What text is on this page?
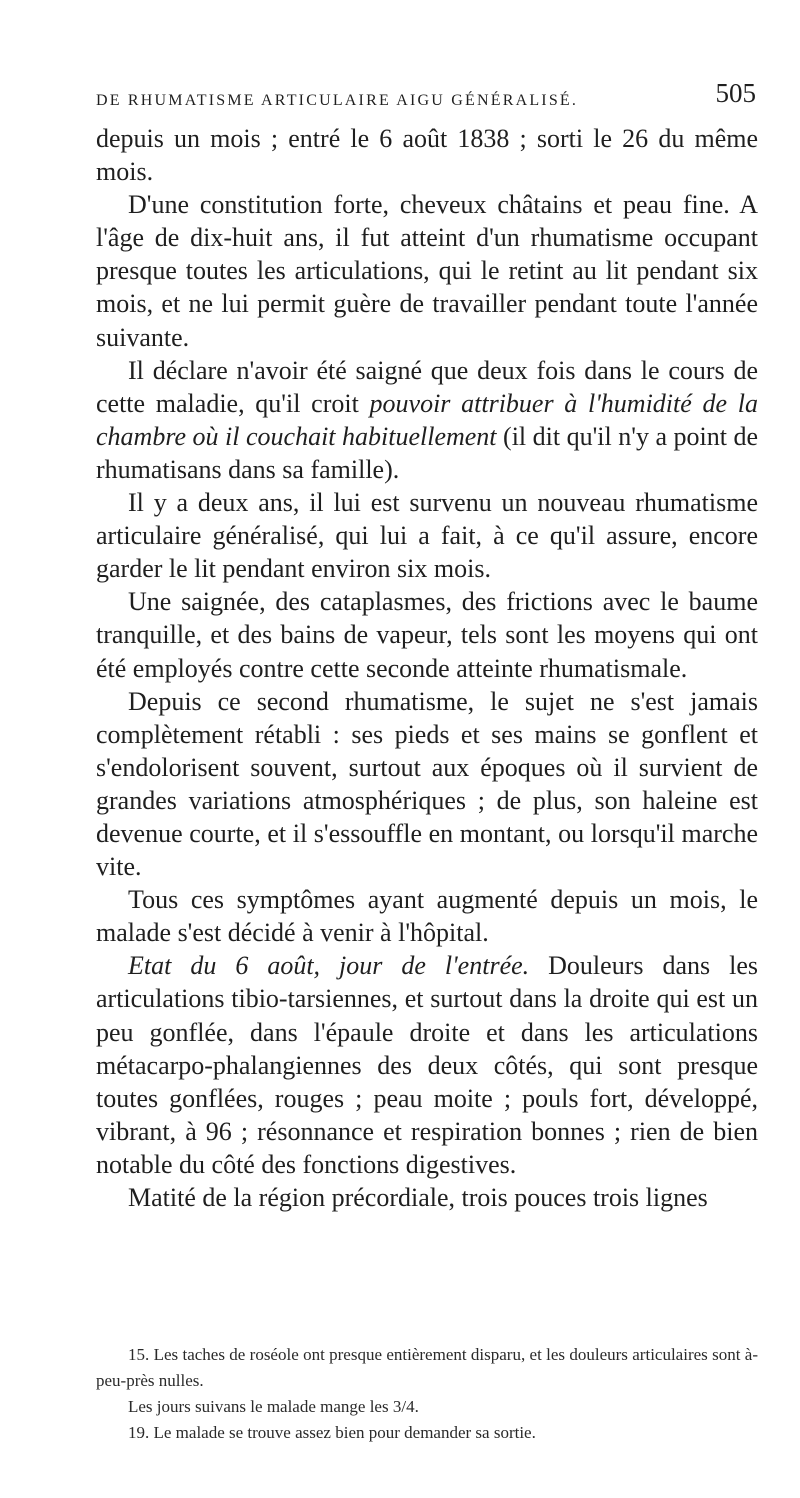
DE RHUMATISME ARTICULAIRE AIGU GÉNÉRALISÉ.	505

depuis un mois ; entré le 6 août 1838 ; sorti le 26 du même mois.

D'une constitution forte, cheveux châtains et peau fine. A l'âge de dix-huit ans, il fut atteint d'un rhumatisme occupant presque toutes les articulations, qui le retint au lit pendant six mois, et ne lui permit guère de travailler pendant toute l'année suivante.

Il déclare n'avoir été saigné que deux fois dans le cours de cette maladie, qu'il croit pouvoir attribuer à l'humidité de la chambre où il couchait habituellement (il dit qu'il n'y a point de rhumatisans dans sa famille).

Il y a deux ans, il lui est survenu un nouveau rhumatisme articulaire généralisé, qui lui a fait, à ce qu'il assure, encore garder le lit pendant environ six mois.

Une saignée, des cataplasmes, des frictions avec le baume tranquille, et des bains de vapeur, tels sont les moyens qui ont été employés contre cette seconde atteinte rhumatismale.

Depuis ce second rhumatisme, le sujet ne s'est jamais complètement rétabli : ses pieds et ses mains se gonflent et s'endolorisent souvent, surtout aux époques où il survient de grandes variations atmosphériques ; de plus, son haleine est devenue courte, et il s'essouffle en montant, ou lorsqu'il marche vite.

Tous ces symptômes ayant augmenté depuis un mois, le malade s'est décidé à venir à l'hôpital.

Etat du 6 août, jour de l'entrée. Douleurs dans les articulations tibio-tarsiennes, et surtout dans la droite qui est un peu gonflée, dans l'épaule droite et dans les articulations métacarpo-phalangiennes des deux côtés, qui sont presque toutes gonflées, rouges ; peau moite ; pouls fort, développé, vibrant, à 96 ; résonnance et respiration bonnes ; rien de bien notable du côté des fonctions digestives.

Matité de la région précordiale, trois pouces trois lignes

15. Les taches de roséole ont presque entièrement disparu, et les douleurs articulaires sont à-peu-près nulles.

Les jours suivans le malade mange les 3/4.

19. Le malade se trouve assez bien pour demander sa sortie.
